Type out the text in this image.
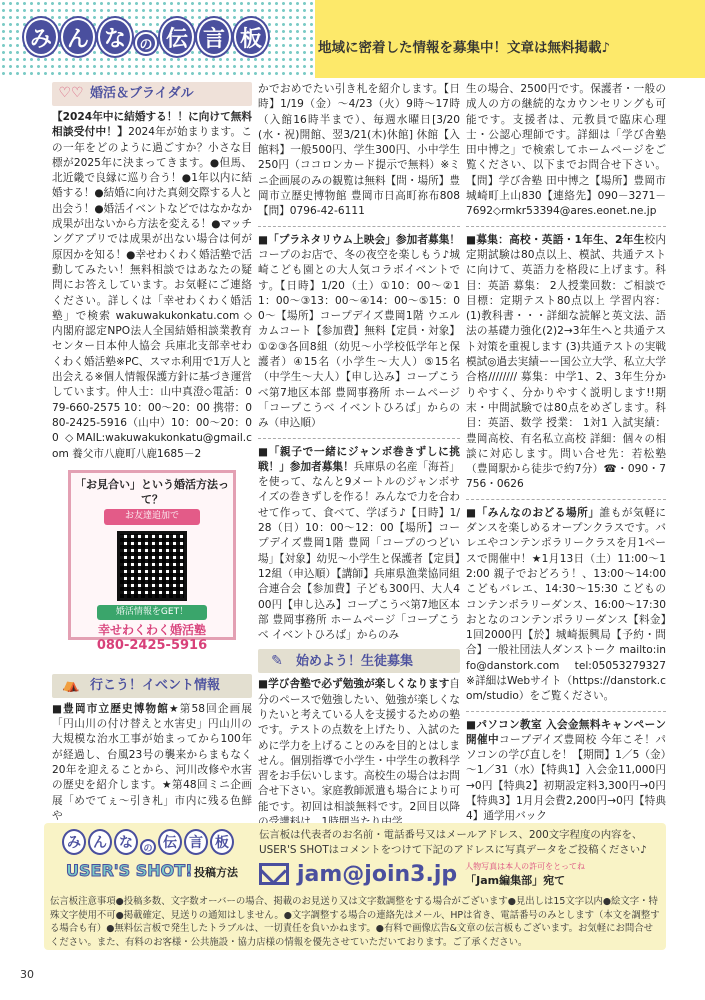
み ん な	の 伝 言 板	地域に密着した情報を募集中！文章は無料掲載♪
♡♡ 婚活＆ブライダル
【2024年中に結婚する！！に向けて無料相談受付中！】2024年が始まります。この一年をどのように過ごすか？小さな目標が2025年に決まってきます。●但馬、北近畿で良縁に巡り合う！●1年以内に結婚する！●結婚に向けた真剣交際する人と出会う！●婚活イベントなどではなかなか成果が出ないから方法を変える！●マッチングアプリでは成果が出ない場合は何が原因かを知る！●幸せわくわく婚活塾で活動してみたい！無料相談ではあなたの疑問にお答えしています。お気軽にご連絡ください。詳しくは「幸せわくわく婚活塾」で検索 wakuwakukonkatu.com ◇内閣府認定NPO法人全国結婚相談業教育センター日本仲人協会 兵庫北支部幸せわくわく婚活塾※PC、スマホ利用で1万人と出会える※個人情報保護方針に基づき運営しています。仲人士：山中真澄◇電話：079-660-2575 10：00～20：00 携帯：080-2425-5916（山中）10：00～20：00 ◇MAIL:wakuwakukonkatu@gmail.com 養父市八鹿町八鹿1685－2
「お見合い」という婚活方法って？
お友達追加で
婚活情報をGET！
幸せわくわく婚活塾
080-2425-5916
⛺ 行こう！イベント情報
■豊岡市立歴史博物館★第58回企画展「円山川の付け替えと水害史」円山川の大規模な治水工事が始まってから100年が経過し、台風23号の襲来からまもなく20年を迎えることから、河川改修や水害の歴史を紹介します。★第48回ミニ企画展「めでてぇ～引き札」市内に残る色鮮や
かでおめでたい引き札を紹介します。【日時】1/19（金）～4/23（火）9時～17時（入館16時半まで）、毎週水曜日[3/20(水・祝)開館、翌3/21(木)休館] 休館【入館料】一般500円、学生300円、小中学生250円（ココロンカード提示で無料）※ミニ企画展のみの観覧は無料【問・場所】豊岡市立歴史博物館 豊岡市日高町祢布808【問】0796-42-6111
■「プラネタリウム上映会」参加者募集！コープのお店で、冬の夜空を楽しもう♪城崎こども園との大人気コラボイベントです。【日時】1/20（土）①10：00～②11：00～③13：00～④14：00～⑤15：00～【場所】コープデイズ豊岡1階 ウエルカムコート【参加費】無料【定員・対象】①②③各回8組（幼児～小学校低学年と保護者）④15名（小学生～大人）⑤15名（中学生～大人）【申し込み】コープこうべ第7地区本部 豊岡事務所 ホームページ「コープこうべ イベントひろば」からのみ（申込順）
■「親子で一緒にジャンボ巻きずしに挑戦！」参加者募集！兵庫県の名産「海苔」を使って、なんと9メートルのジャンボサイズの巻きずしを作る！みんなで力を合わせて作って、食べて、学ぼう♪【日時】1/28（日）10：00～12：00【場所】コープデイズ豊岡1階 豊岡「コープのつどい場」【対象】幼児～小学生と保護者【定員】12組（申込順）【講師】兵庫県漁業協同組合連合会【参加費】子ども300円、大人400円【申し込み】コープこうべ第7地区本部 豊岡事務所 ホームページ「コープこうべ イベントひろば」からのみ
✎	始めよう！生徒募集
■学び舎塾で必ず勉強が楽しくなります自分のペースで勉強したい、勉強が楽しくなりたいと考えている人を支援するための塾です。テストの点数を上げたり、入試のために学力を上げることのみを目的とはしません。個別指導で小学生・中学生の教科学習をお手伝いします。高校生の場合はお問合せ下さい。家庭教師派遣も場合により可能です。初回は相談無料です。2回目以降
生の場合、2500円です。保護者・一般の成人の方の継続的なカウンセリングも可能です。支援者は、元教員で臨床心理士・公認心理師です。詳細は「学び舎塾 田中博之」で検索してホームページをご覧ください、以下までお問合せ下さい。【問】学び舎塾 田中博之【場所】豊岡市城崎町上山830【連絡先】090－3271－7692◇rmkr53394@ares.eonet.ne.jp
■募集：高校・英語・1年生、2年生校内定期試験は80点以上、模試、共通テストに向けて、英語力を格段に上げます。科目：英語 募集： 2人授業回数：ご相談で目標：定期テスト80点以上 学習内容：(1)教科書・・・詳細な読解と英文法、語法の基礎力強化(2)2→3年生へと共通テスト対策を重視します (3)共通テストの実戦模試◎過去実績ーー国公立大学、私立大学合格//////// 募集：中学1、2、3年生分かりやすく、分かりやすく説明します!!期末・中間試験では80点をめざします。科目：英語、数学 授業： 1対1 入試実績：豊岡高校、有名私立高校 詳細：個々の相談に対応します。問い合せ先：若松塾（豊岡駅から徒歩で約7分）☎・090・7756・0626
■「みんなのおどる場所」誰もが気軽にダンスを楽しめるオープンクラスです。バレエやコンテンポラリークラスを月1ペースで開催中！★1月13日（土）11:00～12:00 親子でおどろう！、13:00～14:00 こどもバレエ、14:30～15:30 こどものコンテンポラリーダンス、16:00～17:30 おとなのコンテンポラリーダンス【料金】1回2000円【於】城崎振興局【予約・問合】一般社団法人ダンストーク mailto:info@danstork.com tel:05053279327 ※詳細はWebサイト（https://danstork.com/studio）をご覧ください。
■パソコン教室 入会金無料キャンペーン開催中コープデイズ豊岡校 今年こそ！パソコンの学び直しを！【期間】1／5（金）～1／31（水）【特典1】入会金11,000円→0円【特典2】初期設定料3,300円→0円【特典3】1月月会費2,200円→0円【特典4】通学用バック
み ん な	の 伝 言 板
USER'S SHOT! 投稿方法
伝言板は代表者のお名前・電話番号又はメールアドレス、200文字程度の内容を、USER'S SHOTはコメントをつけて下記のアドレスに写真データをご投稿ください♪
jam@join3.jp 人物写真は本人の許可をとってね
「Jam編集部」宛て
伝言板注意事項●投稿多数、文字数オーバーの場合、掲載のお見送り又は文字数調整をする場合がございます●見出しは15文字以内●絵文字・特殊文字使用不可●掲載確定、見送りの通知はしません。●文字調整する場合の連絡先はメール、HPは省き、電話番号のみとします（本文を調整する場合も有）●無料伝言板で発生したトラブルは、一切責任を負いかねます。●有料で画像広告&文章の伝言板もございます。お気軽にお問合せください。また、有料のお客様・公共施設・協力店様の情報を優先させていただいております。ご了承ください。
30
